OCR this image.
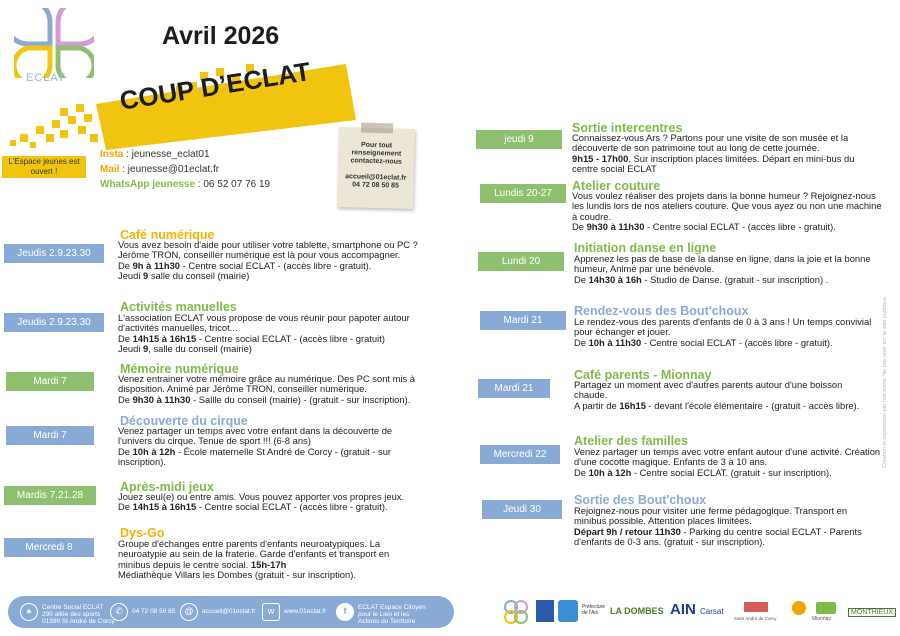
ECLAT
Avril 2026
COUP D’ECLAT
L'Espace jeunes est ouvert !
Insta : jeunesse_eclat01
Mail : jeunesse@01eclat.fr
WhatsApp jeunesse : 06 52 07 76 19
Pour tout
renseignement
contactez-nous
accueil@01eclat.fr
04 72 08 50 85
Jeudis 2.9.23.30
Café numérique
Vous avez besoin d'aide pour utiliser votre tablette, smartphone ou PC ? Jérôme TRON, conseiller numérique est là pour vous accompagner.
De 9h à 11h30 - Centre social ECLAT - (accès libre - gratuit).
Jeudi 9 salle du conseil (mairie)
Jeudis 2.9.23.30
Activités manuelles
L'association ECLAT vous propose de vous réunir pour papoter autour d'activités manuelles, tricot...
De 14h15 à 16h15 - Centre social ECLAT - (accès libre - gratuit)
Jeudi 9, salle du conseil (mairie)
Mardi 7
Mémoire numérique
Venez entrainer votre mémoire grâce au numérique. Des PC sont mis à disposition. Animé par Jérôme TRON, conseiller numérique.
De 9h30 à 11h30 - Sallle du conseil (mairie) - (gratuit - sur inscription).
Mardi 7
Découverte du cirque
Venez partager un temps avec votre enfant dans la découverte de l'univers du cirque. Tenue de sport !!! (6-8 ans)
De 10h à 12h - École maternelle St André de Corcy - (gratuit - sur inscription).
Mardis 7.21.28
Après-midi jeux
Jouez seul(e) ou entre amis. Vous pouvez apporter vos propres jeux.
De 14h15 à 16h15 - Centre social ECLAT - (accès libre - gratuit).
Mercredi 8
Dys-Go
Groupe d'échanges entre parents d'enfants neuroatypiques. La neuroatypie au sein de la fraterie. Garde d'enfants et transport en minibus depuis le centre social. 15h-17h
Médiathèque Villars les Dombes (gratuit - sur inscription).
jeudi 9
Sortie intercentres
Connaissez-vous Ars ? Partons pour une visite de son musée et la découverte de son patrimoine tout au long de cette journée.
9h15 - 17h00. Sur inscription places limitées. Départ en mini-bus du centre social ECLAT
Lundis 20-27
Atelier couture
Vous voulez réaliser des projets dans la bonne humeur ? Rejoignez-nous les lundis lors de nos ateliers couture. Que vous ayez ou non une machine à coudre.
De 9h30 à 11h30 - Centre social ECLAT - (accès libre - gratuit).
Lundi 20
Initiation danse en ligne
Apprenez les pas de base de la danse en ligne, dans la joie et la bonne humeur, Animé par une bénévole.
De 14h30 à 16h - Studio de Danse. (gratuit - sur inscription) .
Mardi 21
Rendez-vous des Bout'choux
Le rendez-vous des parents d'enfants de 0 à 3 ans ! Un temps convivial pour échanger et jouer.
De 10h à 11h30 - Centre social ECLAT - (accès libre - gratuit).
Mardi 21
Café parents - Mionnay
Partagez un moment avec d'autres parents autour d'une boisson chaude.
A partir de 16h15 - devant l'école élémentaire - (gratuit - accès libre).
Mercredi 22
Atelier des familles
Venez partager un temps avec votre enfant autour d'une activité. Création d'une cocotte magique. Enfants de 3 à 10 ans.
De 10h à 12h - Centre social ECLAT. (gratuit - sur inscription).
Jeudi 30
Sortie des Bout'choux
Rejoignez-nous pour visiter une ferme pédagogique. Transport en minibus possible. Attention places limitées.
Départ 9h / retour 11h30 - Parking du centre social ECLAT - Parents d'enfants de 0-3 ans. (gratuit - sur inscription).
●	Centre Social ECLAT
290 allée des sports
01390 St André de Corcy
✆	04 72 08 50 85	@	accueil@01eclat.fr	w	www.01eclat.fr	f	ECLAT Espace Citoyen
pour le Lien et les
Actions du Territoire
Préfecture de l'Ain	LA DOMBES AIN Carsat
Saint André de Corcy	Mionnay
MONTHIEUX
Création et impression par nos soins. Ne pas jeter sur la voie publique.
